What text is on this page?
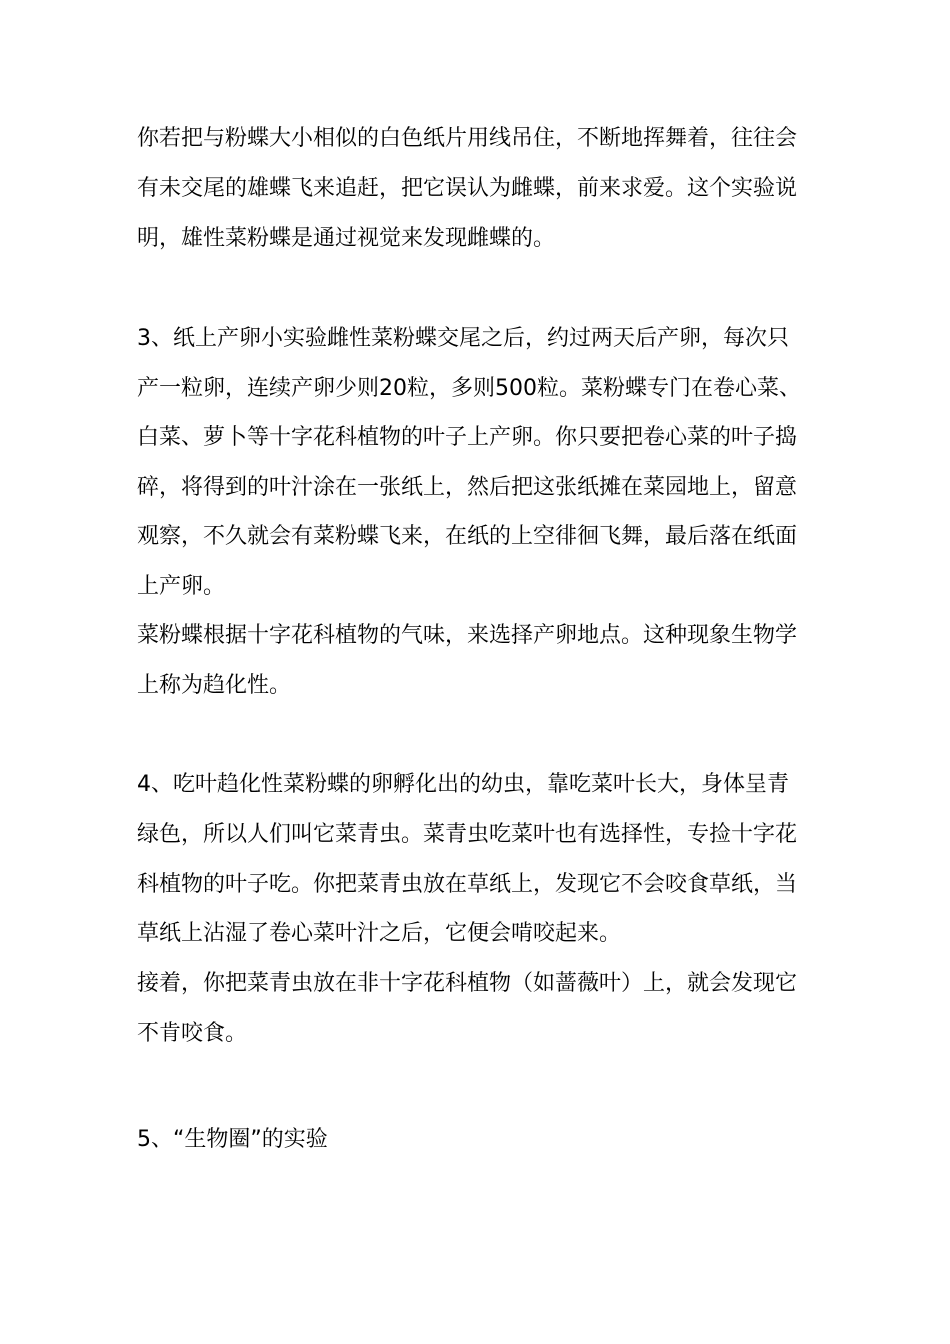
你若把与粉蝶大小相似的白色纸片用线吊住，不断地挥舞着，往往会
有未交尾的雄蝶飞来追赶，把它误认为雌蝶，前来求爱。这个实验说
明，雄性菜粉蝶是通过视觉来发现雌蝶的。
3、纸上产卵小实验雌性菜粉蝶交尾之后，约过两天后产卵，每次只
产一粒卵，连续产卵少则20粒，多则500粒。菜粉蝶专门在卷心菜、
白菜、萝卜等十字花科植物的叶子上产卵。你只要把卷心菜的叶子捣
碎，将得到的叶汁涂在一张纸上，然后把这张纸摊在菜园地上，留意
观察，不久就会有菜粉蝶飞来，在纸的上空徘徊飞舞，最后落在纸面
上产卵。
菜粉蝶根据十字花科植物的气味，来选择产卵地点。这种现象生物学
上称为趋化性。
4、吃叶趋化性菜粉蝶的卵孵化出的幼虫，靠吃菜叶长大，身体呈青
绿色，所以人们叫它菜青虫。菜青虫吃菜叶也有选择性，专捡十字花
科植物的叶子吃。你把菜青虫放在草纸上，发现它不会咬食草纸，当
草纸上沾湿了卷心菜叶汁之后，它便会啃咬起来。
接着，你把菜青虫放在非十字花科植物（如蔷薇叶）上，就会发现它
不肯咬食。
5、“生物圈”的实验
